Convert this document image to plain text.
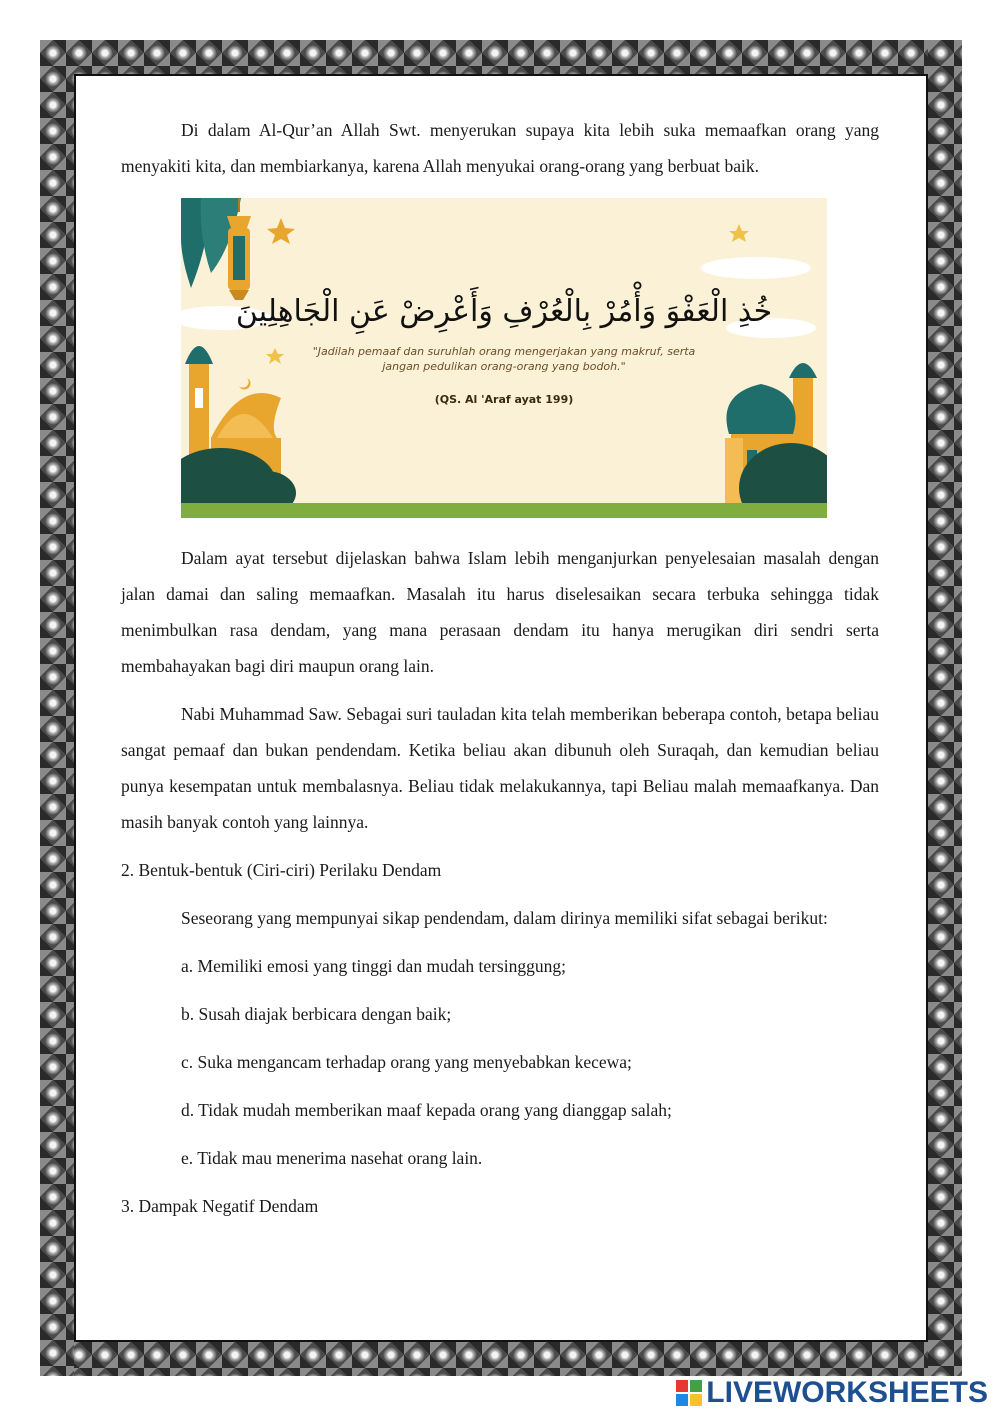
Di dalam Al-Qur’an Allah Swt. menyerukan supaya kita lebih suka memaafkan orang yang menyakiti kita, dan membiarkanya, karena Allah menyukai orang-orang yang berbuat baik.

خُذِ الْعَفْوَ وَأْمُرْ بِالْعُرْفِ وَأَعْرِضْ عَنِ الْجَاهِلِينَ
"Jadilah pemaaf dan suruhlah orang mengerjakan yang makruf, serta jangan pedulikan orang-orang yang bodoh."
(QS. Al 'Araf ayat 199)

Dalam ayat tersebut dijelaskan bahwa Islam lebih menganjurkan penyelesaian masalah dengan jalan damai dan saling memaafkan. Masalah itu harus diselesaikan secara terbuka sehingga tidak menimbulkan rasa dendam, yang mana perasaan dendam itu hanya merugikan diri sendri serta membahayakan bagi diri maupun orang lain.

Nabi Muhammad Saw. Sebagai suri tauladan kita telah memberikan beberapa contoh, betapa beliau sangat pemaaf dan bukan pendendam. Ketika beliau akan dibunuh oleh Suraqah, dan kemudian beliau punya kesempatan untuk membalasnya. Beliau tidak melakukannya, tapi Beliau malah memaafkanya. Dan masih banyak contoh yang lainnya.

2. Bentuk-bentuk (Ciri-ciri) Perilaku Dendam

Seseorang yang mempunyai sikap pendendam, dalam dirinya memiliki sifat sebagai berikut:

a. Memiliki emosi yang tinggi dan mudah tersinggung;

b. Susah diajak berbicara dengan baik;

c. Suka mengancam terhadap orang yang menyebabkan kecewa;

d. Tidak mudah memberikan maaf kepada orang yang dianggap salah;

e. Tidak mau menerima nasehat orang lain.

3. Dampak Negatif Dendam

LIVEWORKSHEETS
